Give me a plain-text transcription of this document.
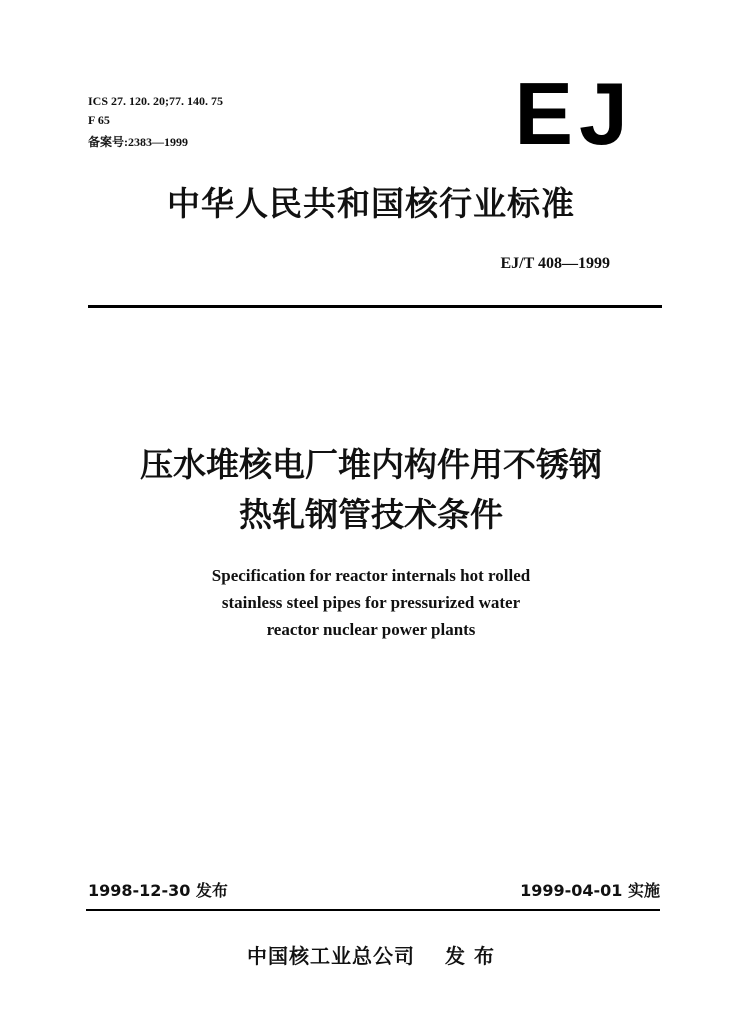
ICS 27. 120. 20;77. 140. 75
F 65
备案号:2383—1999	EJ
中华人民共和国核行业标准
EJ/T 408—1999
压水堆核电厂堆内构件用不锈钢
热轧钢管技术条件
Specification for reactor internals hot rolled
stainless steel pipes for pressurized water
reactor nuclear power plants
1998-12-30 发布	1999-04-01 实施
中国核工业总公司 发 布
